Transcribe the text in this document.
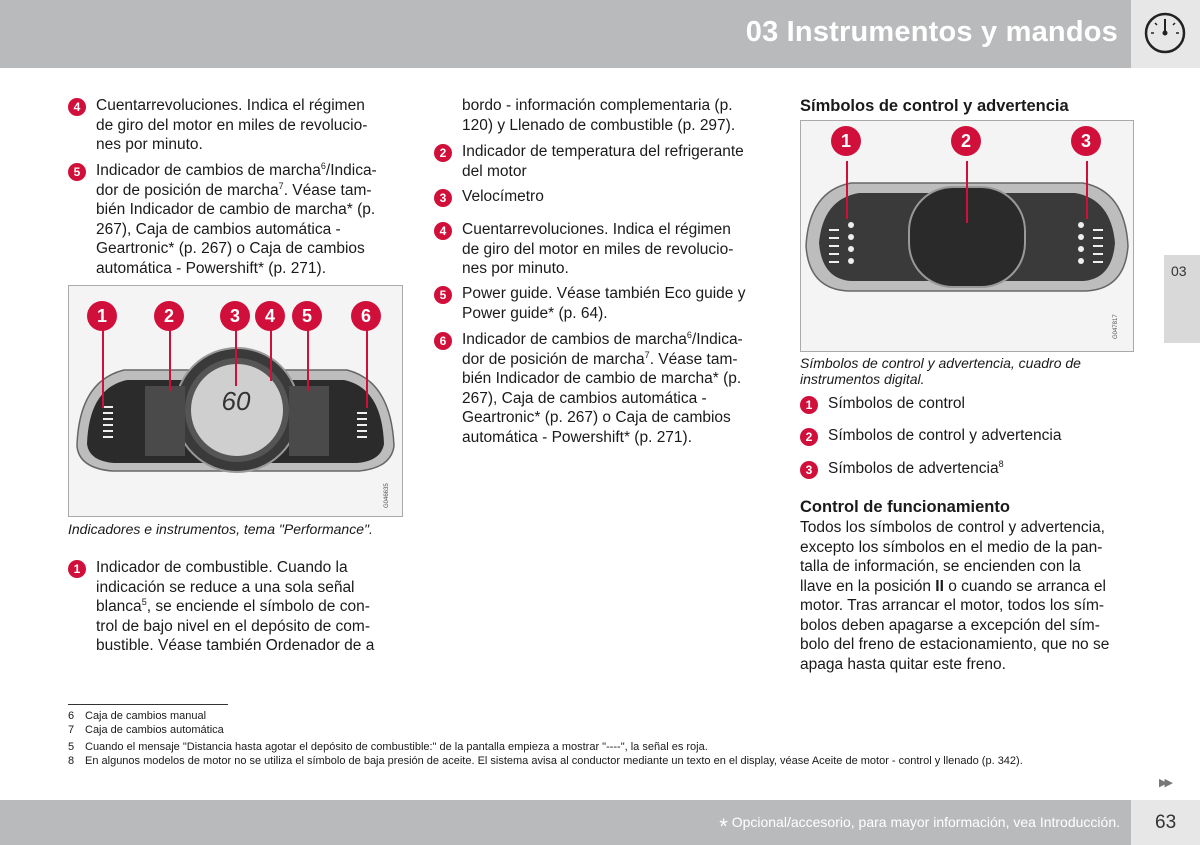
03 Instrumentos y mandos
03
4	Cuentarrevoluciones. Indica el régimen
de giro del motor en miles de revolucio-
nes por minuto.
5	Indicador de cambios de marcha$^6$/Indica-
dor de posición de marcha$^7$. Véase tam-
bién Indicador de cambio de marcha* (p.
267), Caja de cambios automática -
Geartronic* (p. 267) o Caja de cambios
automática - Powershift* (p. 271).
60
1	2	3	4	5	6
G046635
Indicadores e instrumentos, tema "Performance".
1	Indicador de combustible. Cuando la
indicación se reduce a una sola señal
blanca$^5$, se enciende el símbolo de con-
trol de bajo nivel en el depósito de com-
bustible. Véase también Ordenador de a
bordo - información complementaria (p.
120) y Llenado de combustible (p. 297).
2	Indicador de temperatura del refrigerante
del motor
3	Velocímetro
4	Cuentarrevoluciones. Indica el régimen
de giro del motor en miles de revolucio-
nes por minuto.
5	Power guide. Véase también Eco guide y
Power guide* (p. 64).
6	Indicador de cambios de marcha$^6$/Indica-
dor de posición de marcha$^7$. Véase tam-
bién Indicador de cambio de marcha* (p.
267), Caja de cambios automática -
Geartronic* (p. 267) o Caja de cambios
automática - Powershift* (p. 271).
Símbolos de control y advertencia
1	2	3
G047817
Símbolos de control y advertencia, cuadro de instrumentos digital.
1	Símbolos de control
2	Símbolos de control y advertencia
3	Símbolos de advertencia$^8$
Control de funcionamiento
Todos los símbolos de control y advertencia,
excepto los símbolos en el medio de la pan-
talla de información, se encienden con la
llave en la posición II o cuando se arranca el
motor. Tras arrancar el motor, todos los sím-
bolos deben apagarse a excepción del sím-
bolo del freno de estacionamiento, que no se
apaga hasta quitar este freno.
6 Caja de cambios manual
7 Caja de cambios automática
5 Cuando el mensaje "Distancia hasta agotar el depósito de combustible:" de la pantalla empieza a mostrar "----", la señal es roja.
8 En algunos modelos de motor no se utiliza el símbolo de baja presión de aceite. El sistema avisa al conductor mediante un texto en el display, véase Aceite de motor - control y llenado (p. 342).
▶▶
* Opcional/accesorio, para mayor información, vea Introducción. 63
